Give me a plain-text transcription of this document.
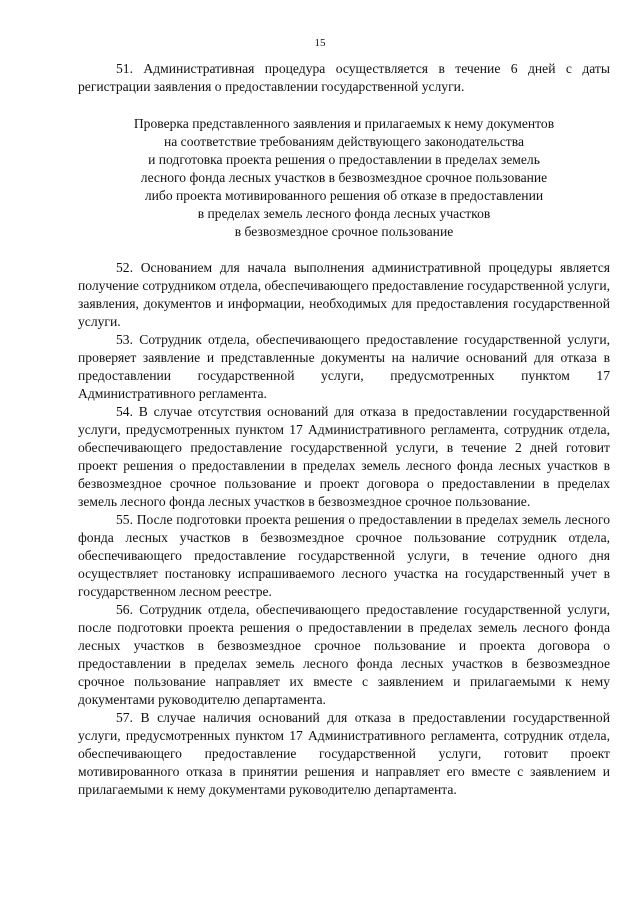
15

51. Административная процедура осуществляется в течение 6 дней с даты регистрации заявления о предоставлении государственной услуги.

Проверка представленного заявления и прилагаемых к нему документов
на соответствие требованиям действующего законодательства
и подготовка проекта решения о предоставлении в пределах земель
лесного фонда лесных участков в безвозмездное срочное пользование
либо проекта мотивированного решения об отказе в предоставлении
в пределах земель лесного фонда лесных участков
в безвозмездное срочное пользование

52. Основанием для начала выполнения административной процедуры является получение сотрудником отдела, обеспечивающего предоставление государственной услуги, заявления, документов и информации, необходимых для предоставления государственной услуги.

53. Сотрудник отдела, обеспечивающего предоставление государственной услуги, проверяет заявление и представленные документы на наличие оснований для отказа в предоставлении государственной услуги, предусмотренных пунктом 17 Административного регламента.

54. В случае отсутствия оснований для отказа в предоставлении государственной услуги, предусмотренных пунктом 17 Административного регламента, сотрудник отдела, обеспечивающего предоставление государственной услуги, в течение 2 дней готовит проект решения о предоставлении в пределах земель лесного фонда лесных участков в безвозмездное срочное пользование и проект договора о предоставлении в пределах земель лесного фонда лесных участков в безвозмездное срочное пользование.

55. После подготовки проекта решения о предоставлении в пределах земель лесного фонда лесных участков в безвозмездное срочное пользование сотрудник отдела, обеспечивающего предоставление государственной услуги, в течение одного дня осуществляет постановку испрашиваемого лесного участка на государственный учет в государственном лесном реестре.

56. Сотрудник отдела, обеспечивающего предоставление государственной услуги, после подготовки проекта решения о предоставлении в пределах земель лесного фонда лесных участков в безвозмездное срочное пользование и проекта договора о предоставлении в пределах земель лесного фонда лесных участков в безвозмездное срочное пользование направляет их вместе с заявлением и прилагаемыми к нему документами руководителю департамента.

57. В случае наличия оснований для отказа в предоставлении государственной услуги, предусмотренных пунктом 17 Административного регламента, сотрудник отдела, обеспечивающего предоставление государственной услуги, готовит проект мотивированного отказа в принятии решения и направляет его вместе с заявлением и прилагаемыми к нему документами руководителю департамента.
